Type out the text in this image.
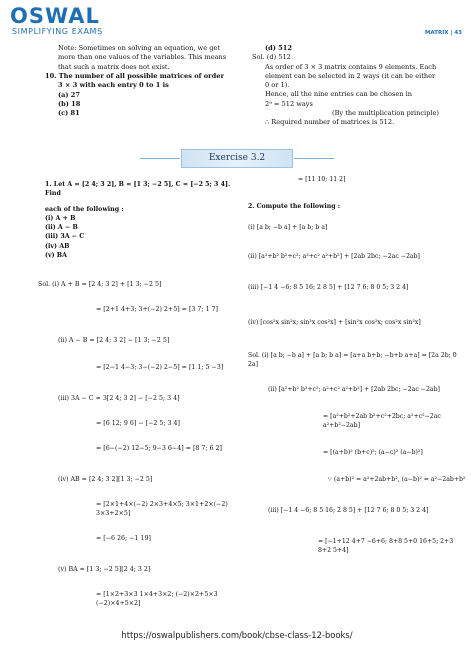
OSWAL
SIMPLIFYING EXAMS	MATRIX | 43
Note: Sometimes on solving an equation, we get
more than one values of the variables. This means
that such a matrix does not exist.
10. The number of all possible matrices of order
3 × 3 with each entry 0 to 1 is
(a) 27
(b) 18
(c) 81
(d) 512
Sol. (d) 512
As order of 3 × 3 matrix contains 9 elements. Each
element can be selected in 2 ways (it can be either
0 or 1).
Hence, all the nine entries can be chosen in
2⁹ = 512 ways
(By the multiplication principle)
∴ Required number of matrices is 512.
Exercise 3.2
1. Let A = [2 4; 3 2], B = [1 3; −2 5], C = [−2 5; 3 4]. Find
each of the following :
(i) A + B
(ii) A − B
(iii) 3A − C
(iv) AB
(v) BA
Sol. (i) A + B = [2 4; 3 2] + [1 3; −2 5]
= [2+1 4+3; 3+(−2) 2+5] = [3 7; 1 7]
(ii) A − B = [2 4; 3 2] − [1 3; −2 5]
= [2−1 4−3; 3−(−2) 2−5] = [1 1; 5 −3]
(iii) 3A − C = 3[2 4; 3 2] − [−2 5; 3 4]
= [6 12; 9 6] − [−2 5; 3 4]
= [6−(−2) 12−5; 9−3 6−4] = [8 7; 6 2]
(iv) AB = [2 4; 3 2][1 3; −2 5]
= [2×1+4×(−2) 2×3+4×5; 3×1+2×(−2) 3×3+2×5]
= [−6 26; −1 19]
(v) BA = [1 3; −2 5][2 4; 3 2]
= [1×2+3×3 1×4+3×2; (−2)×2+5×3 (−2)×4+5×2]
= [11 10; 11 2]
2. Compute the following :
(i) [a b; −b a] + [a b; b a]
(ii) [a²+b² b²+c²; a²+c² a²+b²] + [2ab 2bc; −2ac −2ab]
(iii) [−1 4 −6; 8 5 16; 2 8 5] + [12 7 6; 8 0 5; 3 2 4]
(iv) [cos²x sin²x; sin²x cos²x] + [sin²x cos²x; cos²x sin²x]
Sol. (i) [a b; −b a] + [a b; b a] = [a+a b+b; −b+b a+a] = [2a 2b; 0 2a]
(ii) [a²+b² b²+c²; a²+c² a²+b²] + [2ab 2bc; −2ac −2ab]
= [a²+b²+2ab b²+c²+2bc; a²+c²−2ac a²+b²−2ab]
= [(a+b)² (b+c)²; (a−c)² (a−b)²]
∵ (a+b)² = a²+2ab+b², (a−b)² = a²−2ab+b²
(iii) [−1 4 −6; 8 5 16; 2 8 5] + [12 7 6; 8 0 5; 3 2 4]
= [−1+12 4+7 −6+6; 8+8 5+0 16+5; 2+3 8+2 5+4]
https://oswalpublishers.com/book/cbse-class-12-books/
